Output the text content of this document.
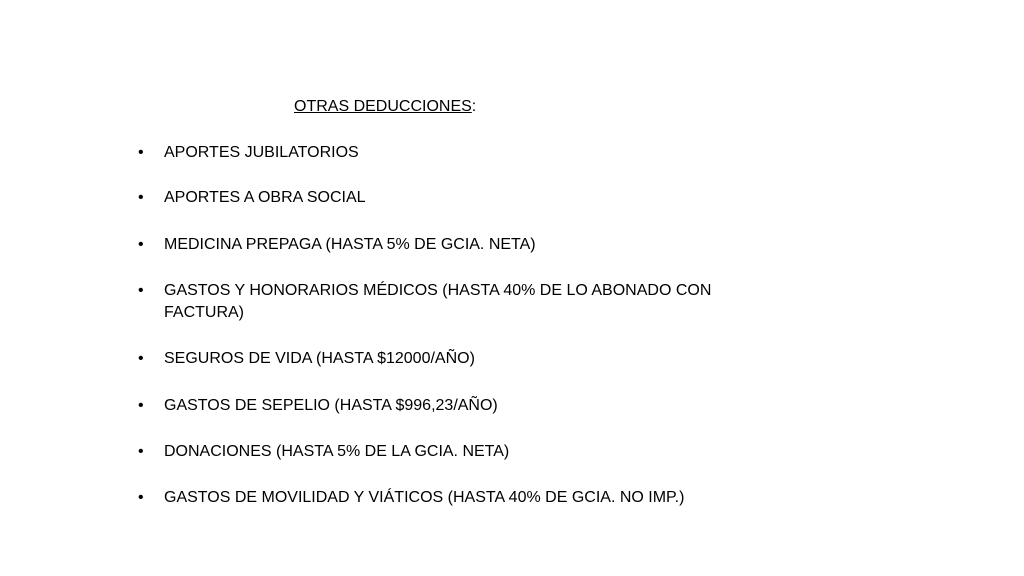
OTRAS DEDUCCIONES:
•	APORTES JUBILATORIOS
•	APORTES A OBRA SOCIAL
•	MEDICINA PREPAGA (HASTA 5% DE GCIA. NETA)
•	GASTOS Y HONORARIOS MÉDICOS (HASTA 40% DE LO ABONADO CON FACTURA)
•	SEGUROS DE VIDA (HASTA $12000/AÑO)
•	GASTOS DE SEPELIO (HASTA $996,23/AÑO)
•	DONACIONES (HASTA 5% DE LA GCIA. NETA)
•	GASTOS DE MOVILIDAD Y VIÁTICOS (HASTA 40% DE GCIA. NO IMP.)
